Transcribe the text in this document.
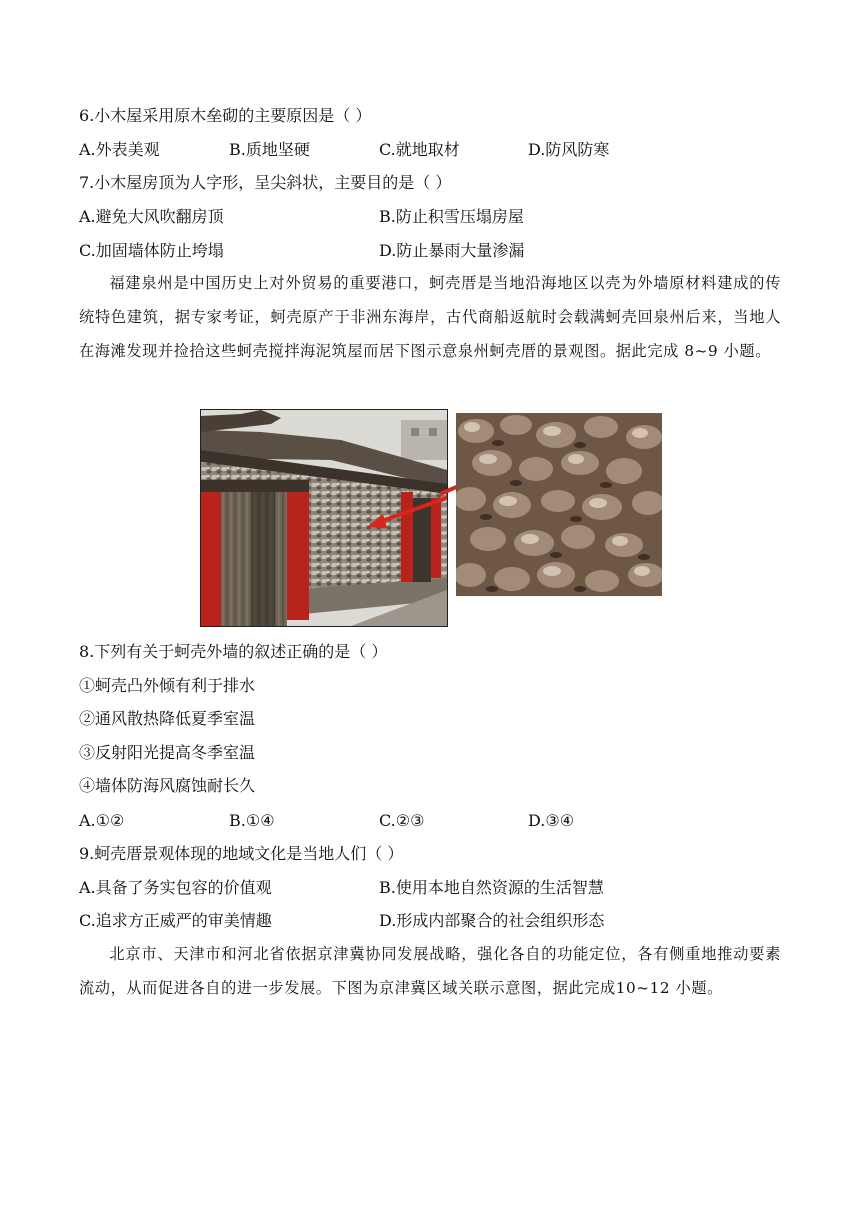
6.小木屋采用原木垒砌的主要原因是（ ）
A.外表美观	B.质地坚硬	C.就地取材	D.防风防寒
7.小木屋房顶为人字形，呈尖斜状，主要目的是（ ）
A.避免大风吹翻房顶	B.防止积雪压塌房屋
C.加固墙体防止垮塌	D.防止暴雨大量渗漏
福建泉州是中国历史上对外贸易的重要港口，蚵壳厝是当地沿海地区以壳为外墙原材料建成的传统特色建筑，据专家考证，蚵壳原产于非洲东海岸，古代商船返航时会载满蚵壳回泉州后来，当地人在海滩发现并捡拾这些蚵壳搅拌海泥筑屋而居下图示意泉州蚵壳厝的景观图。据此完成 8~9 小题。
8.下列有关于蚵壳外墙的叙述正确的是（ ）
①蚵壳凸外倾有利于排水
②通风散热降低夏季室温
③反射阳光提高冬季室温
④墙体防海风腐蚀耐长久
A.①②	B.①④	C.②③	D.③④
9.蚵壳厝景观体现的地域文化是当地人们（ ）
A.具备了务实包容的价值观	B.使用本地自然资源的生活智慧
C.追求方正威严的审美情趣	D.形成内部聚合的社会组织形态
北京市、天津市和河北省依据京津冀协同发展战略，强化各自的功能定位，各有侧重地推动要素流动，从而促进各自的进一步发展。下图为京津冀区域关联示意图，据此完成10~12 小题。
